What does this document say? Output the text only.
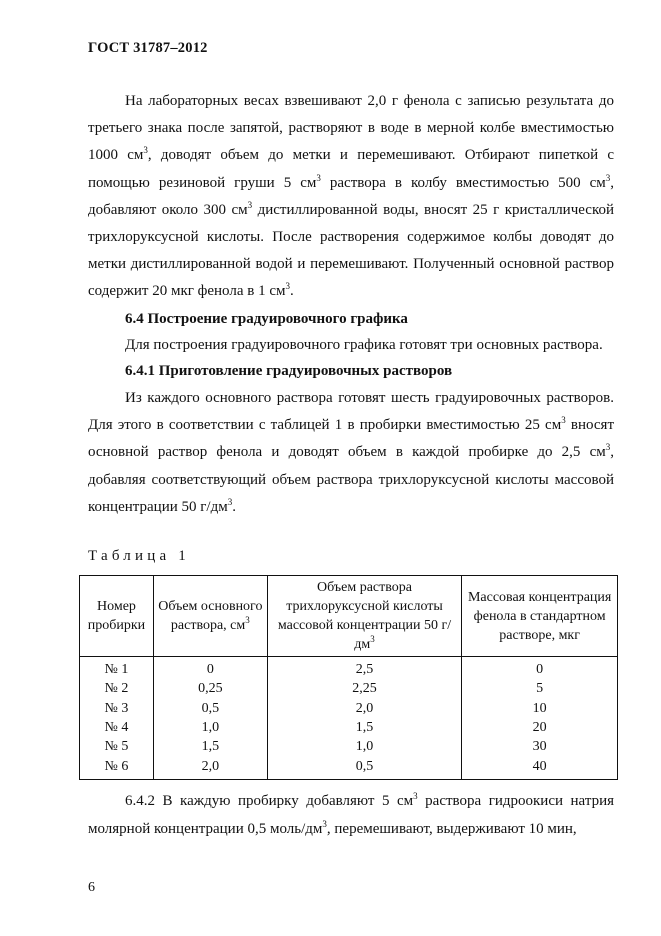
ГОСТ 31787–2012

На лабораторных весах взвешивают 2,0 г фенола с записью результата до третьего знака после запятой, растворяют в воде в мерной колбе вместимостью 1000 $см^3$, доводят объем до метки и перемешивают. Отбирают пипеткой с помощью резиновой груши 5 $см^3$ раствора в колбу вместимостью 500 $см^3$, добавляют около 300 $см^3$ дистиллированной воды, вносят 25 г кристаллической трихлоруксусной кислоты. После растворения содержимое колбы доводят до метки дистиллированной водой и перемешивают. Полученный основной раствор содержит 20 мкг фенола в 1 $см^3$.

6.4 Построение градуировочного графика

Для построения градуировочного графика готовят три основных раствора.

6.4.1 Приготовление градуировочных растворов

Из каждого основного раствора готовят шесть градуировочных растворов. Для этого в соответствии с таблицей 1 в пробирки вместимостью 25 $см^3$ вносят основной раствор фенола и доводят объем в каждой пробирке до 2,5 $см^3$, добавляя соответствующий объем раствора трихлоруксусной кислоты массовой концентрации 50 $г/дм^3$.

Таблица 1
Номер пробирки	Объем основного раствора, $см^3$	Объем раствора трихлоруксусной кислоты массовой концентрации 50 $г/дм^3$	Массовая концентрация фенола в стандартном растворе, мкг
№ 1	0	2,5	0
№ 2	0,25	2,25	5
№ 3	0,5	2,0	10
№ 4	1,0	1,5	20
№ 5	1,5	1,0	30
№ 6	2,0	0,5	40

6.4.2 В каждую пробирку добавляют 5 $см^3$ раствора гидроокиси натрия молярной концентрации 0,5 моль/$дм^3$, перемешивают, выдерживают 10 мин,

6
